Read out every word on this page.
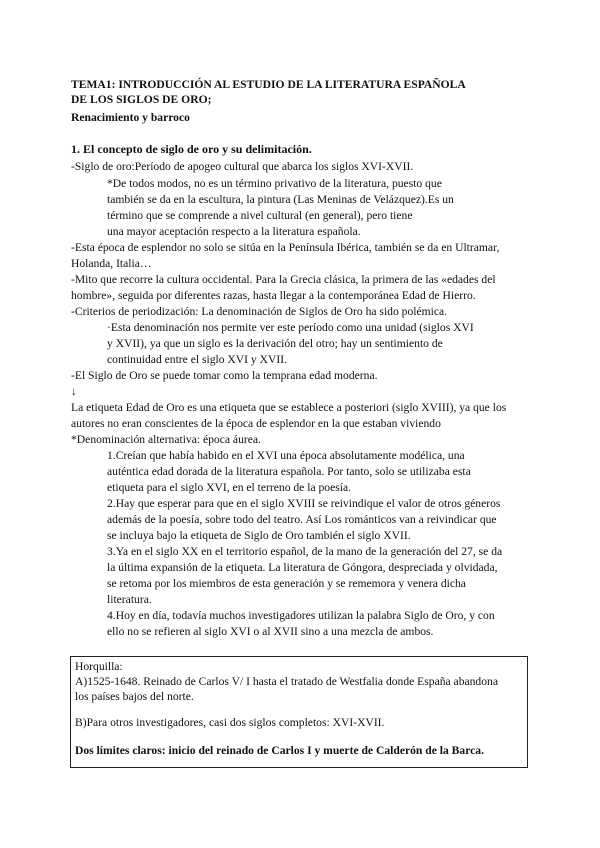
TEMA1: INTRODUCCIÓN AL ESTUDIO DE LA LITERATURA ESPAÑOLA
DE LOS SIGLOS DE ORO;
Renacimiento y barroco
1. El concepto de siglo de oro y su delimitación.
-Siglo de oro:Período de apogeo cultural que abarca los siglos XVI-XVII.
*De todos modos, no es un término privativo de la literatura, puesto que
también se da en la escultura, la pintura (Las Meninas de Velázquez).Es un
término que se comprende a nivel cultural (en general), pero tiene
una mayor aceptación respecto a la literatura española.
-Esta época de esplendor no solo se sitúa en la Península Ibérica, también se da en Ultramar,
Holanda, Italia…
-Mito que recorre la cultura occidental. Para la Grecia clásica, la primera de las «edades del
hombre», seguida por diferentes razas, hasta llegar a la contemporánea Edad de Hierro.
-Criterios de periodización: La denominación de Siglos de Oro ha sido polémica.
·Esta denominación nos permite ver este período como una unidad (siglos XVI
y XVII), ya que un siglo es la derivación del otro; hay un sentimiento de
continuidad entre el siglo XVI y XVII.
-El Siglo de Oro se puede tomar como la temprana edad moderna.
↓
La etiqueta Edad de Oro es una etiqueta que se establece a posteriori (siglo XVIII), ya que los
autores no eran conscientes de la época de esplendor en la que estaban viviendo
*Denominación alternativa: época áurea.
1.Creían que había habido en el XVI una época absolutamente modélica, una
auténtica edad dorada de la literatura española. Por tanto, solo se utilizaba esta
etiqueta para el siglo XVI, en el terreno de la poesía.
2.Hay que esperar para que en el siglo XVIII se reivindique el valor de otros géneros
además de la poesía, sobre todo del teatro. Así Los románticos van a reivindicar que
se incluya bajo la etiqueta de Siglo de Oro también el siglo XVII.
3.Ya en el siglo XX en el territorio español, de la mano de la generación del 27, se da
la última expansión de la etiqueta. La literatura de Góngora, despreciada y olvidada,
se retoma por los miembros de esta generación y se rememora y venera dicha
literatura.
4.Hoy en día, todavía muchos investigadores utilizan la palabra Siglo de Oro, y con
ello no se refieren al siglo XVI o al XVII sino a una mezcla de ambos.
Horquilla:
A)1525-1648. Reinado de Carlos V/ I hasta el tratado de Westfalia donde España abandona
los países bajos del norte.
B)Para otros investigadores, casi dos siglos completos: XVI-XVII.
Dos límites claros: inicio del reinado de Carlos I y muerte de Calderón de la Barca.
